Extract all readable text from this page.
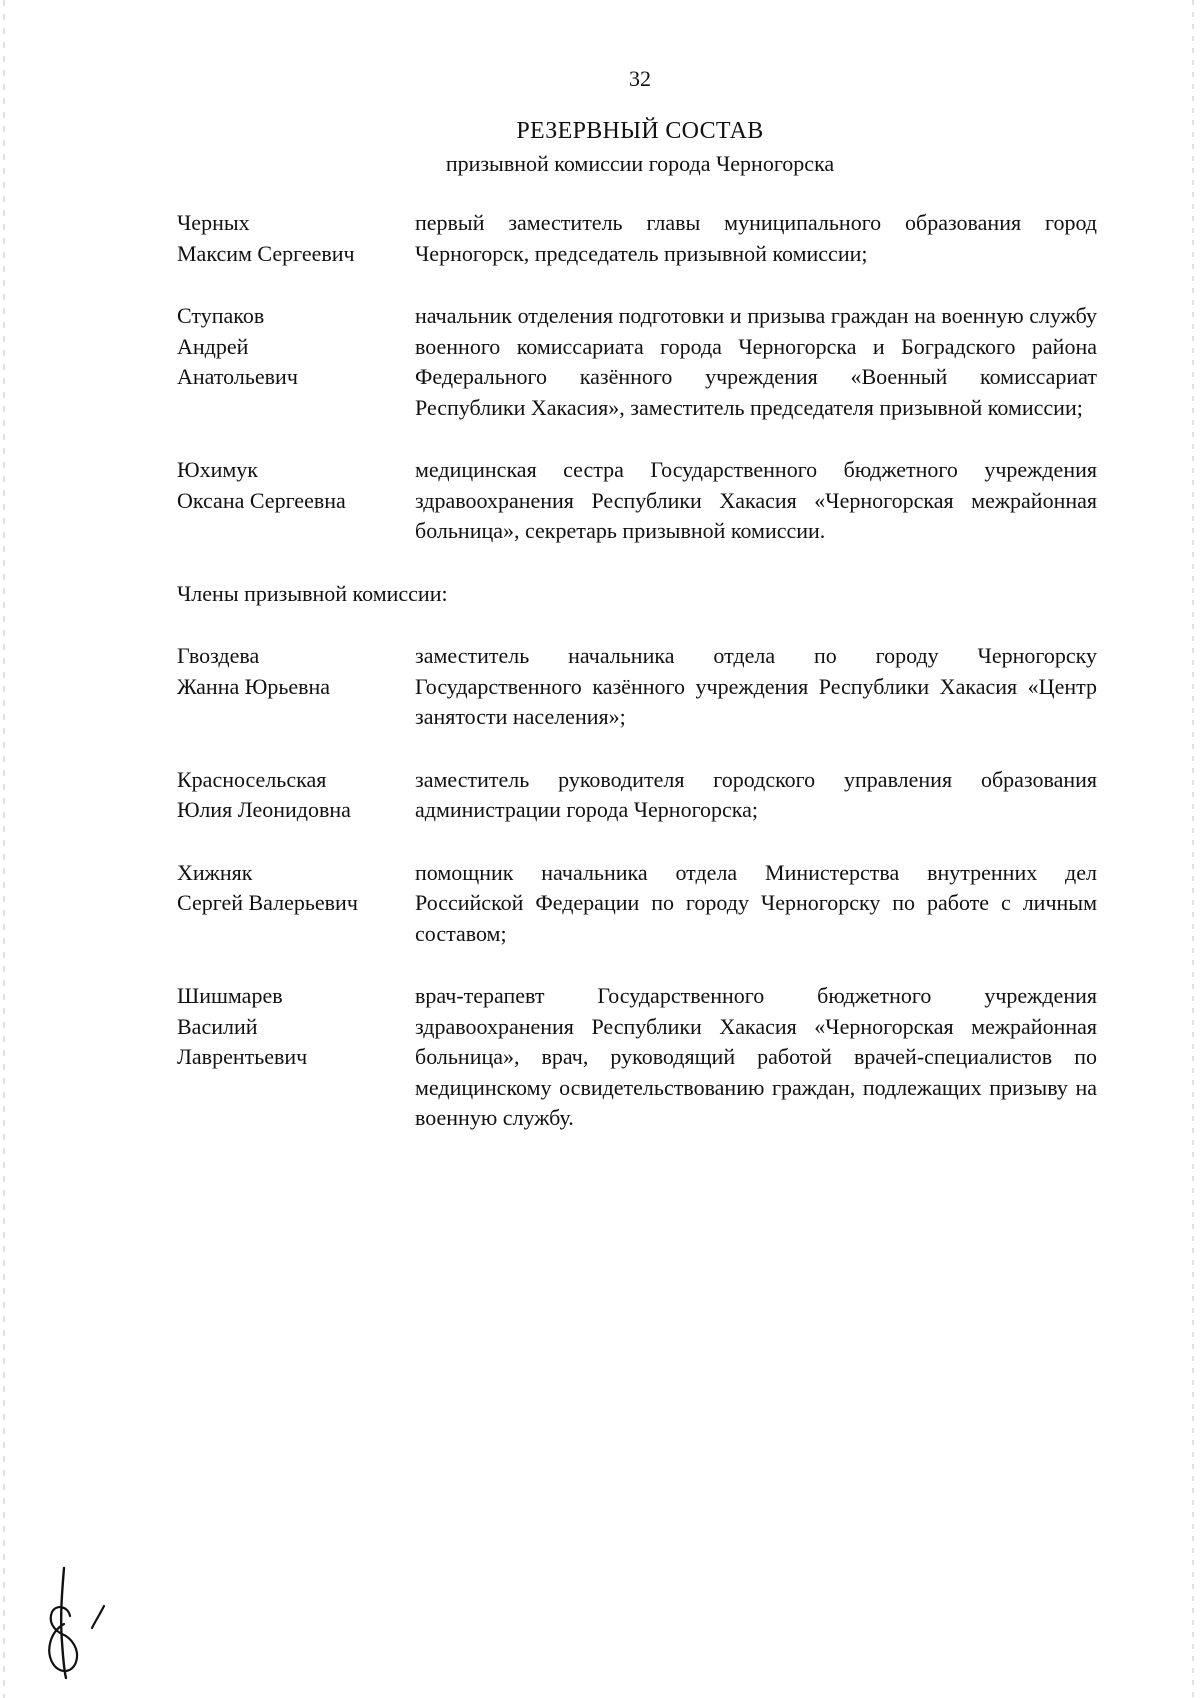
32
РЕЗЕРВНЫЙ СОСТАВ
призывной комиссии города Черногорска
Черных
Максим Сергеевич
первый заместитель главы муниципального образования город Черногорск, председатель призывной комиссии;
Ступаков
Андрей
Анатольевич
начальник отделения подготовки и призыва граждан на военную службу военного комиссариата города Черногорска и Боградского района Федерального казённого учреждения «Военный комиссариат Республики Хакасия», заместитель председателя призывной комиссии;
Юхимук
Оксана Сергеевна
медицинская сестра Государственного бюджетного учреждения здравоохранения Республики Хакасия «Черногорская межрайонная больница», секретарь призывной комиссии.
Члены призывной комиссии:
Гвоздева
Жанна Юрьевна
заместитель начальника отдела по городу Черногорску Государственного казённого учреждения Республики Хакасия «Центр занятости населения»;
Красносельская
Юлия Леонидовна
заместитель руководителя городского управления образования администрации города Черногорска;
Хижняк
Сергей Валерьевич
помощник начальника отдела Министерства внутренних дел Российской Федерации по городу Черногорску по работе с личным составом;
Шишмарев
Василий
Лаврентьевич
врач-терапевт Государственного бюджетного учреждения здравоохранения Республики Хакасия «Черногорская межрайонная больница», врач, руководящий работой врачей-специалистов по медицинскому освидетельствованию граждан, подлежащих призыву на военную службу.
